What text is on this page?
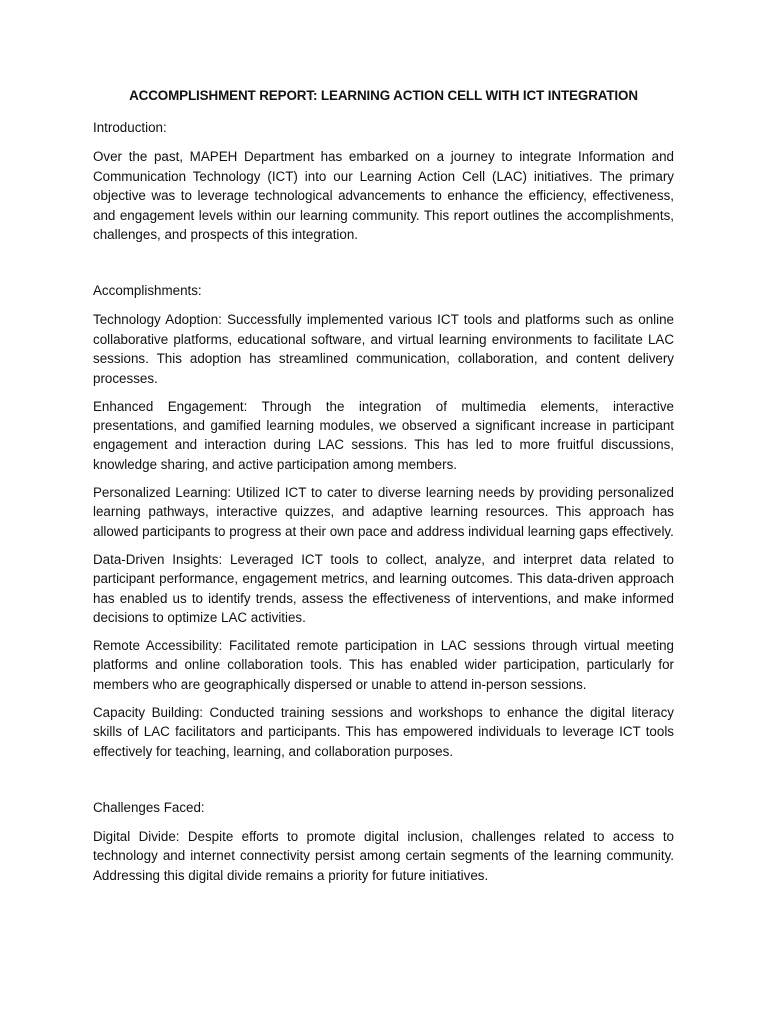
ACCOMPLISHMENT REPORT: LEARNING ACTION CELL WITH ICT INTEGRATION

Introduction:

Over the past, MAPEH Department has embarked on a journey to integrate Information and Communication Technology (ICT) into our Learning Action Cell (LAC) initiatives. The primary objective was to leverage technological advancements to enhance the efficiency, effectiveness, and engagement levels within our learning community. This report outlines the accomplishments, challenges, and prospects of this integration.

Accomplishments:

Technology Adoption: Successfully implemented various ICT tools and platforms such as online collaborative platforms, educational software, and virtual learning environments to facilitate LAC sessions. This adoption has streamlined communication, collaboration, and content delivery processes.

Enhanced Engagement: Through the integration of multimedia elements, interactive presentations, and gamified learning modules, we observed a significant increase in participant engagement and interaction during LAC sessions. This has led to more fruitful discussions, knowledge sharing, and active participation among members.

Personalized Learning: Utilized ICT to cater to diverse learning needs by providing personalized learning pathways, interactive quizzes, and adaptive learning resources. This approach has allowed participants to progress at their own pace and address individual learning gaps effectively.

Data-Driven Insights: Leveraged ICT tools to collect, analyze, and interpret data related to participant performance, engagement metrics, and learning outcomes. This data-driven approach has enabled us to identify trends, assess the effectiveness of interventions, and make informed decisions to optimize LAC activities.

Remote Accessibility: Facilitated remote participation in LAC sessions through virtual meeting platforms and online collaboration tools. This has enabled wider participation, particularly for members who are geographically dispersed or unable to attend in-person sessions.

Capacity Building: Conducted training sessions and workshops to enhance the digital literacy skills of LAC facilitators and participants. This has empowered individuals to leverage ICT tools effectively for teaching, learning, and collaboration purposes.

Challenges Faced:

Digital Divide: Despite efforts to promote digital inclusion, challenges related to access to technology and internet connectivity persist among certain segments of the learning community. Addressing this digital divide remains a priority for future initiatives.
